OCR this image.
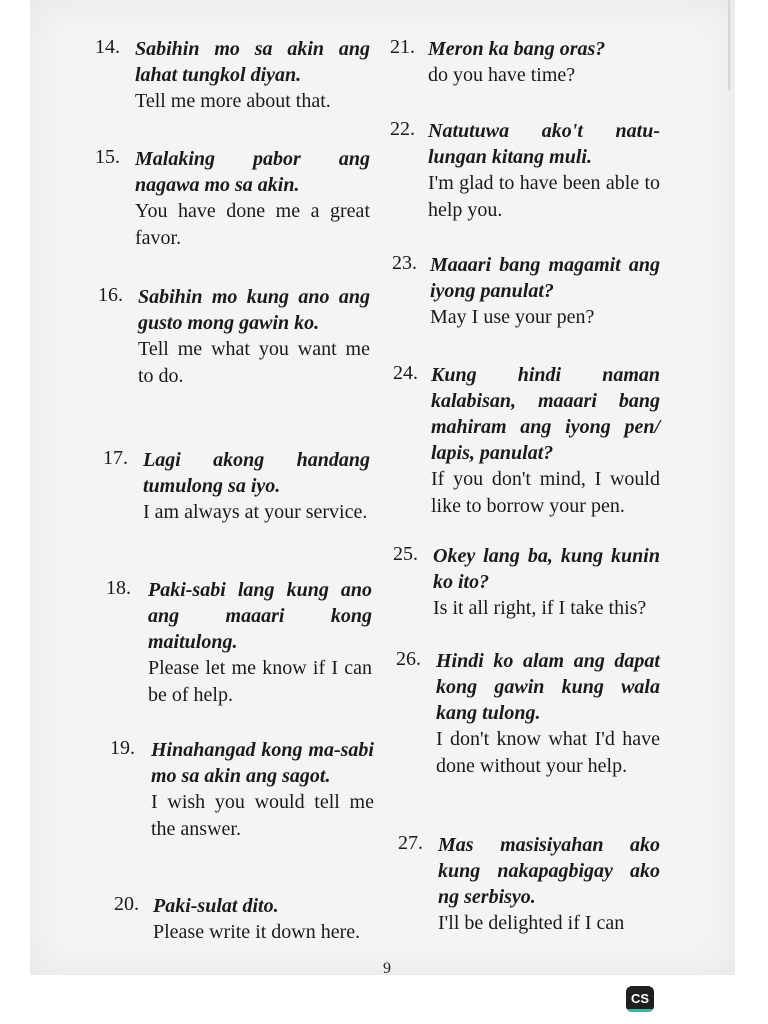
14. Sabihin mo sa akin ang lahat tungkol diyan.

Tell me more about that.

15. Malaking pabor ang nagawa mo sa akin.

You have done me a great favor.

16. Sabihin mo kung ano ang gusto mong gawin ko.

Tell me what you want me to do.

17. Lagi akong handang tumulong sa iyo.

I am always at your service.

18. Paki-sabi lang kung ano ang maaari kong maitulong.

Please let me know if I can be of help.

19. Hinahangad kong ma-sabi mo sa akin ang sagot.

I wish you would tell me the answer.

20. Paki-sulat dito.

Please write it down here.

21. Meron ka bang oras?

do you have time?

22. Natutuwa ako't natu-lungan kitang muli.

I'm glad to have been able to help you.

23. Maaari bang magamit ang iyong panulat?

May I use your pen?

24. Kung hindi naman kalabisan, maaari bang mahiram ang iyong pen/ lapis, panulat?

If you don't mind, I would like to borrow your pen.

25. Okey lang ba, kung kunin ko ito?

Is it all right, if I take this?

26. Hindi ko alam ang dapat kong gawin kung wala kang tulong.

I don't know what I'd have done without your help.

27. Mas masisiyahan ako kung nakapagbigay ako ng serbisyo.

I'll be delighted if I can

9
CS
